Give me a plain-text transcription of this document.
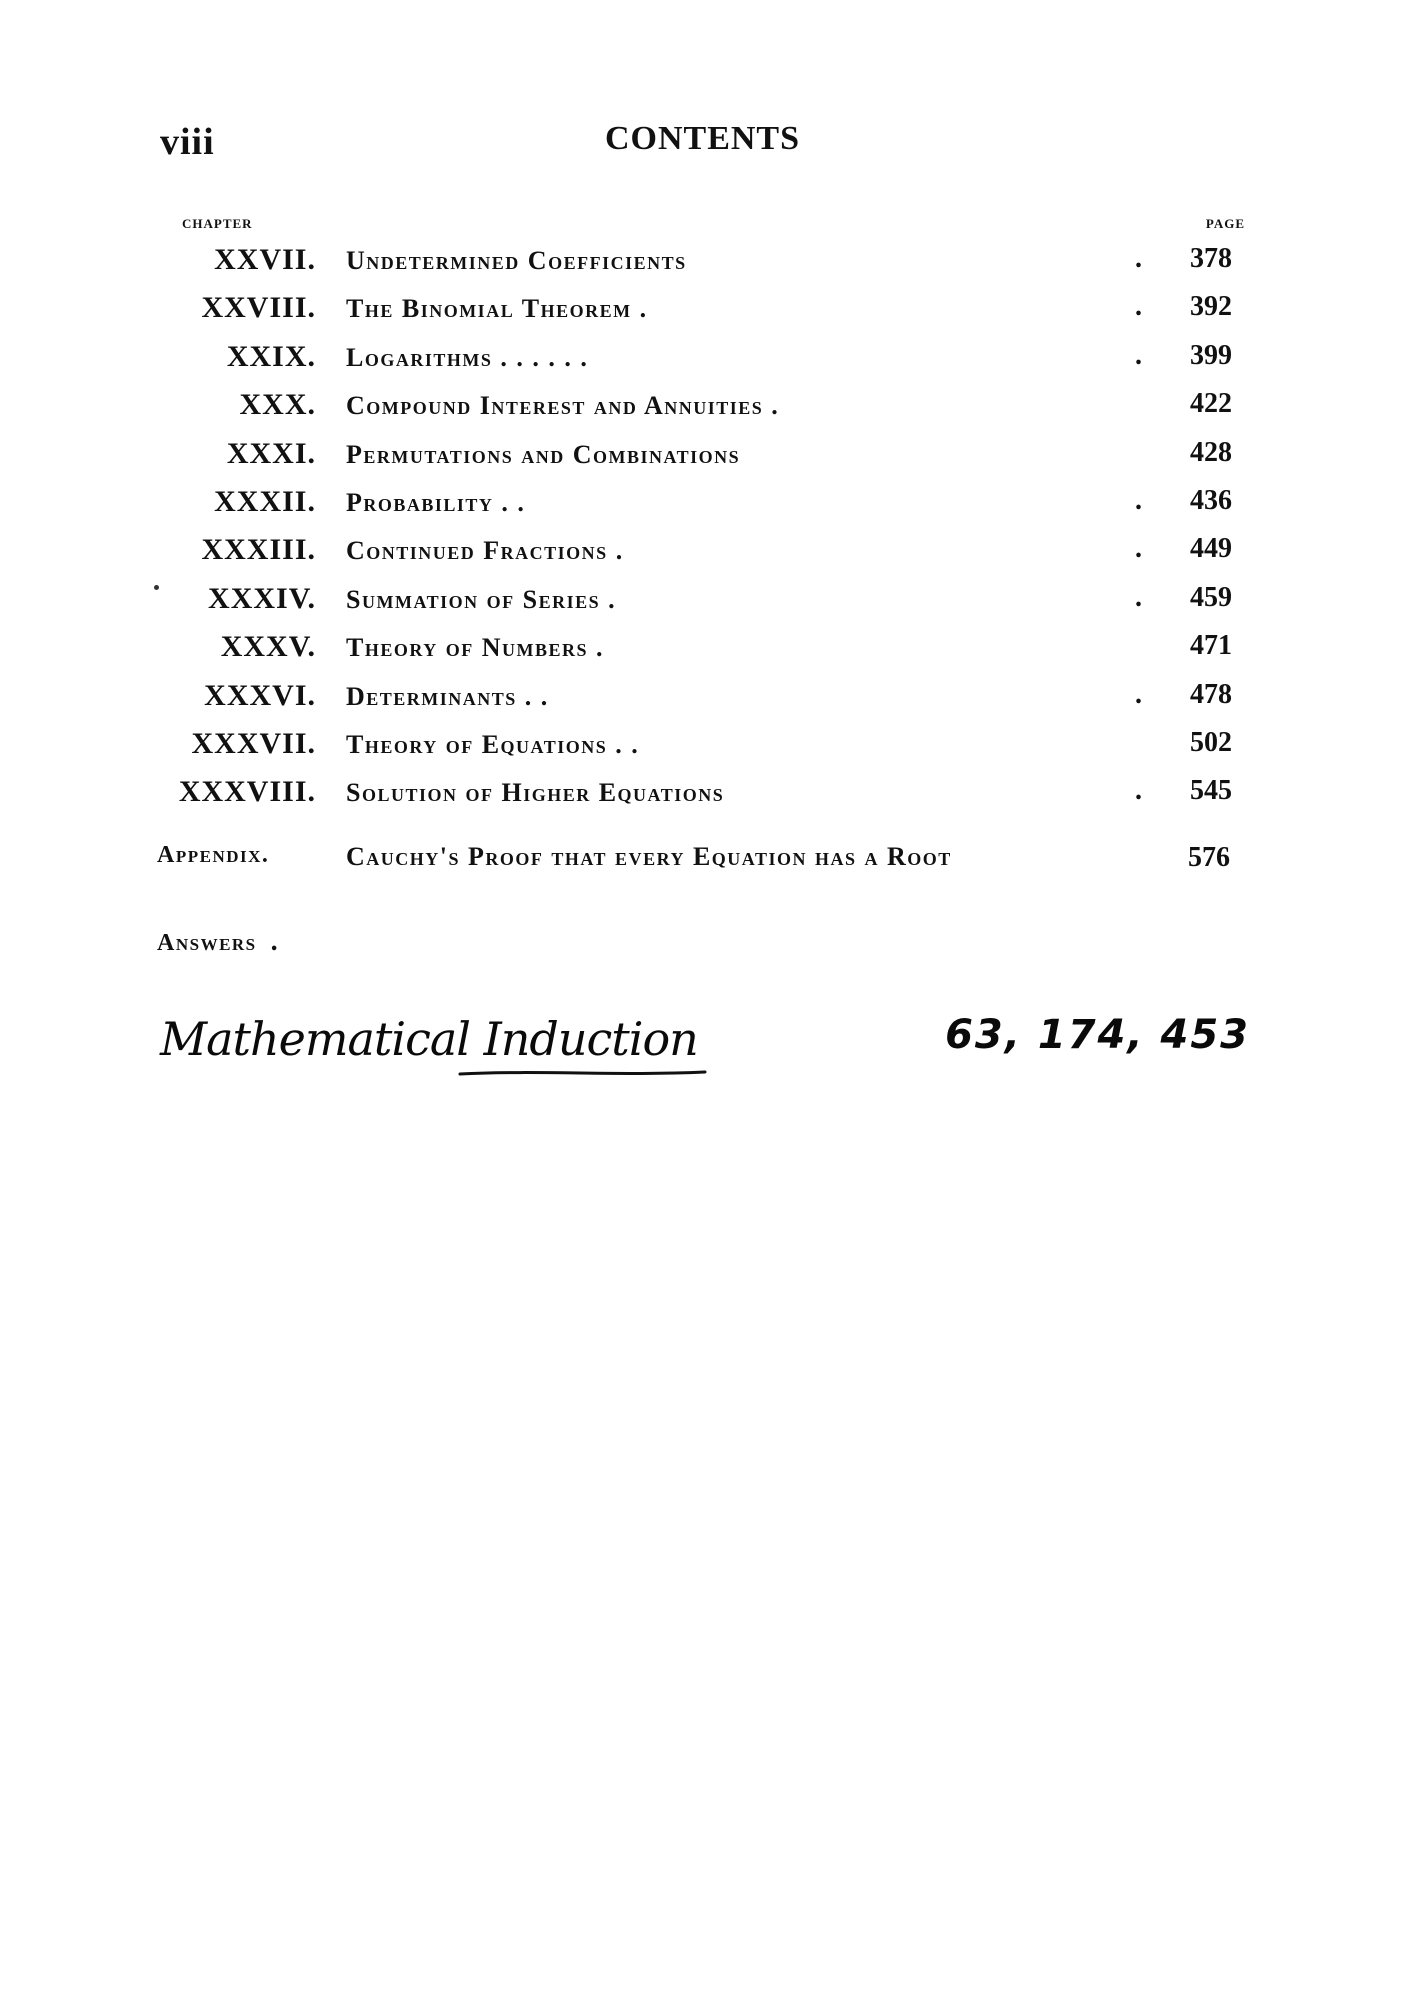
viii	CONTENTS
CHAPTER	PAGE
XXVII. Undetermined Coefficients	. 378
XXVIII. The Binomial Theorem .	. 392
XXIX. Logarithms . . . . . .	. 399
XXX. Compound Interest and Annuities .	422
XXXI. Permutations and Combinations	428
XXXII. Probability . .	. 436
XXXIII. Continued Fractions .	. 449
XXXIV. Summation of Series .	. 459
XXXV. Theory of Numbers .	471
XXXVI. Determinants . .	. 478
XXXVII. Theory of Equations . .	502
XXXVIII. Solution of Higher Equations	. 545
Appendix.	Cauchy's Proof that every Equation has a Root	576
Answers .
Mathematical Induction	63, 174, 453
